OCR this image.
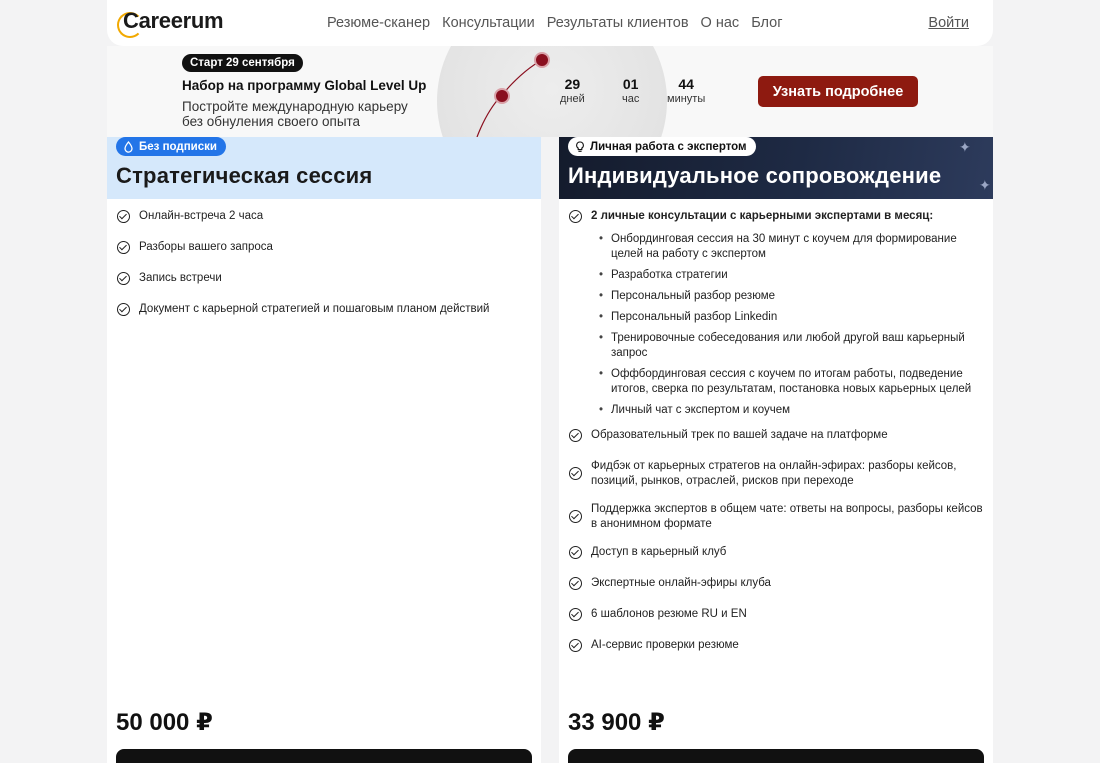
Careerum	Резюме-сканер Консультации Результаты клиентов О нас Блог	Войти
Старт 29 сентября
Набор на программу Global Level Up
Постройте международную карьеру
без обнуления своего опыта
29
дней
01
час
44
минуты	Узнать подробнее
Без подписки
Стратегическая сессия
Онлайн-встреча 2 часа
Разборы вашего запроса
Запись встречи
Документ с карьерной стратегией и пошаговым планом действий
50 000 ₽
✦
✦
Личная работа с экспертом
Индивидуальное сопровождение
2 личные консультации с карьерными экспертами в месяц:
• Онбординговая сессия на 30 минут с коучем для формирование целей на работу с экспертом
• Разработка стратегии
• Персональный разбор резюме
• Персональный разбор Linkedin
• Тренировочные собеседования или любой другой ваш карьерный запрос
• Оффбординговая сессия с коучем по итогам работы, подведение итогов, сверка по результатам, постановка новых карьерных целей
• Личный чат с экспертом и коучем
Образовательный трек по вашей задаче на платформе
Фидбэк от карьерных стратегов на онлайн-эфирах: разборы кейсов, позиций, рынков, отраслей, рисков при переходе
Поддержка экспертов в общем чате: ответы на вопросы, разборы кейсов в анонимном формате
Доступ в карьерный клуб
Экспертные онлайн-эфиры клуба
6 шаблонов резюме RU и EN
AI-сервис проверки резюме
33 900 ₽
